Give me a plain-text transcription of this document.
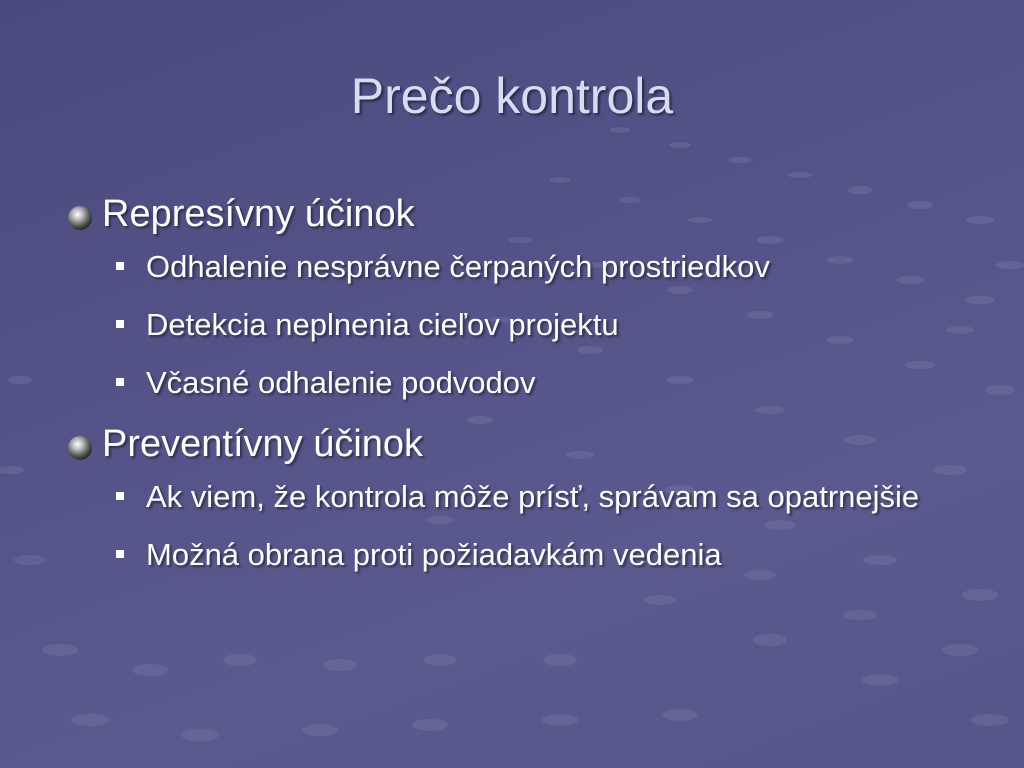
Prečo kontrola
Represívny účinok
Odhalenie nesprávne čerpaných prostriedkov
Detekcia neplnenia cieľov projektu
Včasné odhalenie podvodov
Preventívny účinok
Ak viem, že kontrola môže prísť, správam sa opatrnejšie
Možná obrana proti požiadavkám vedenia
